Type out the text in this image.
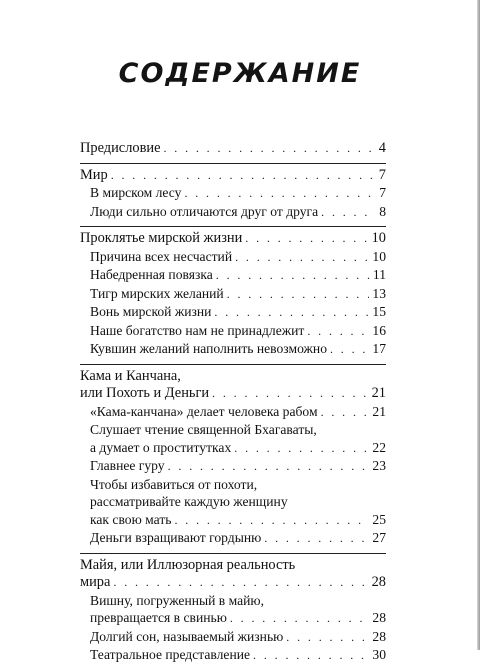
СОДЕРЖАНИЕ
Предисловие . . .	4
Мир . . .	7
В мирском лесу . . .	7
Люди сильно отличаются друг от друга . . .	8
Проклятье мирской жизни . . .	10
Причина всех несчастий . . .	10
Набедренная повязка . . .	11
Тигр мирских желаний . . .	13
Вонь мирской жизни . . .	15
Наше богатство нам не принадлежит . . .	16
Кувшин желаний наполнить невозможно . . .	17
Кама и Канчана,
или Похоть и Деньги . . .	21
«Кама-канчана» делает человека рабом . . .	21
Слушает чтение священной Бхагаваты,
а думает о проститутках . . .	22
Главнее гуру . . .	23
Чтобы избавиться от похоти,
рассматривайте каждую женщину
как свою мать . . .	25
Деньги взращивают гордыню . . .	27
Майя, или Иллюзорная реальность
мира . . .	28
Вишну, погруженный в майю,
превращается в свинью . . .	28
Долгий сон, называемый жизнью . . .	28
Театральное представление . . .	30
